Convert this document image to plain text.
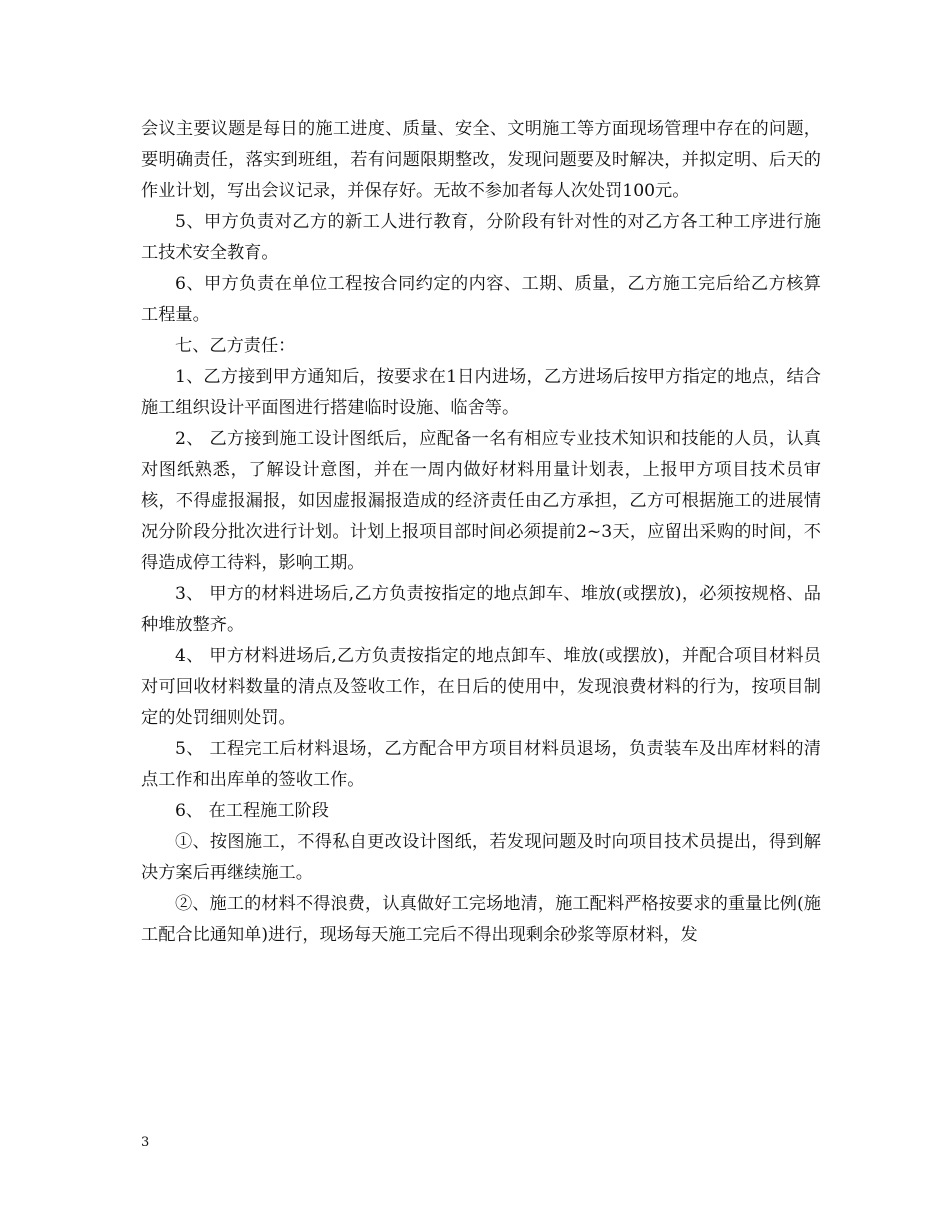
会议主要议题是每日的施工进度、质量、安全、文明施工等方面现场管理中存在的问题，要明确责任，落实到班组，若有问题限期整改，发现问题要及时解决，并拟定明、后天的作业计划，写出会议记录，并保存好。无故不参加者每人次处罚100元。

5、甲方负责对乙方的新工人进行教育，分阶段有针对性的对乙方各工种工序进行施工技术安全教育。

6、甲方负责在单位工程按合同约定的内容、工期、质量，乙方施工完后给乙方核算工程量。

七、乙方责任：

1、乙方接到甲方通知后，按要求在1日内进场，乙方进场后按甲方指定的地点，结合施工组织设计平面图进行搭建临时设施、临舍等。

2、 乙方接到施工设计图纸后，应配备一名有相应专业技术知识和技能的人员，认真对图纸熟悉，了解设计意图，并在一周内做好材料用量计划表，上报甲方项目技术员审核，不得虚报漏报，如因虚报漏报造成的经济责任由乙方承担，乙方可根据施工的进展情况分阶段分批次进行计划。计划上报项目部时间必须提前2~3天，应留出采购的时间，不得造成停工待料，影响工期。

3、 甲方的材料进场后,乙方负责按指定的地点卸车、堆放(或摆放)，必须按规格、品种堆放整齐。

4、 甲方材料进场后,乙方负责按指定的地点卸车、堆放(或摆放)，并配合项目材料员对可回收材料数量的清点及签收工作，在日后的使用中，发现浪费材料的行为，按项目制定的处罚细则处罚。

5、 工程完工后材料退场，乙方配合甲方项目材料员退场，负责装车及出库材料的清点工作和出库单的签收工作。

6、 在工程施工阶段

①、按图施工，不得私自更改设计图纸，若发现问题及时向项目技术员提出，得到解决方案后再继续施工。

②、施工的材料不得浪费，认真做好工完场地清，施工配料严格按要求的重量比例(施工配合比通知单)进行，现场每天施工完后不得出现剩余砂浆等原材料，发

3
